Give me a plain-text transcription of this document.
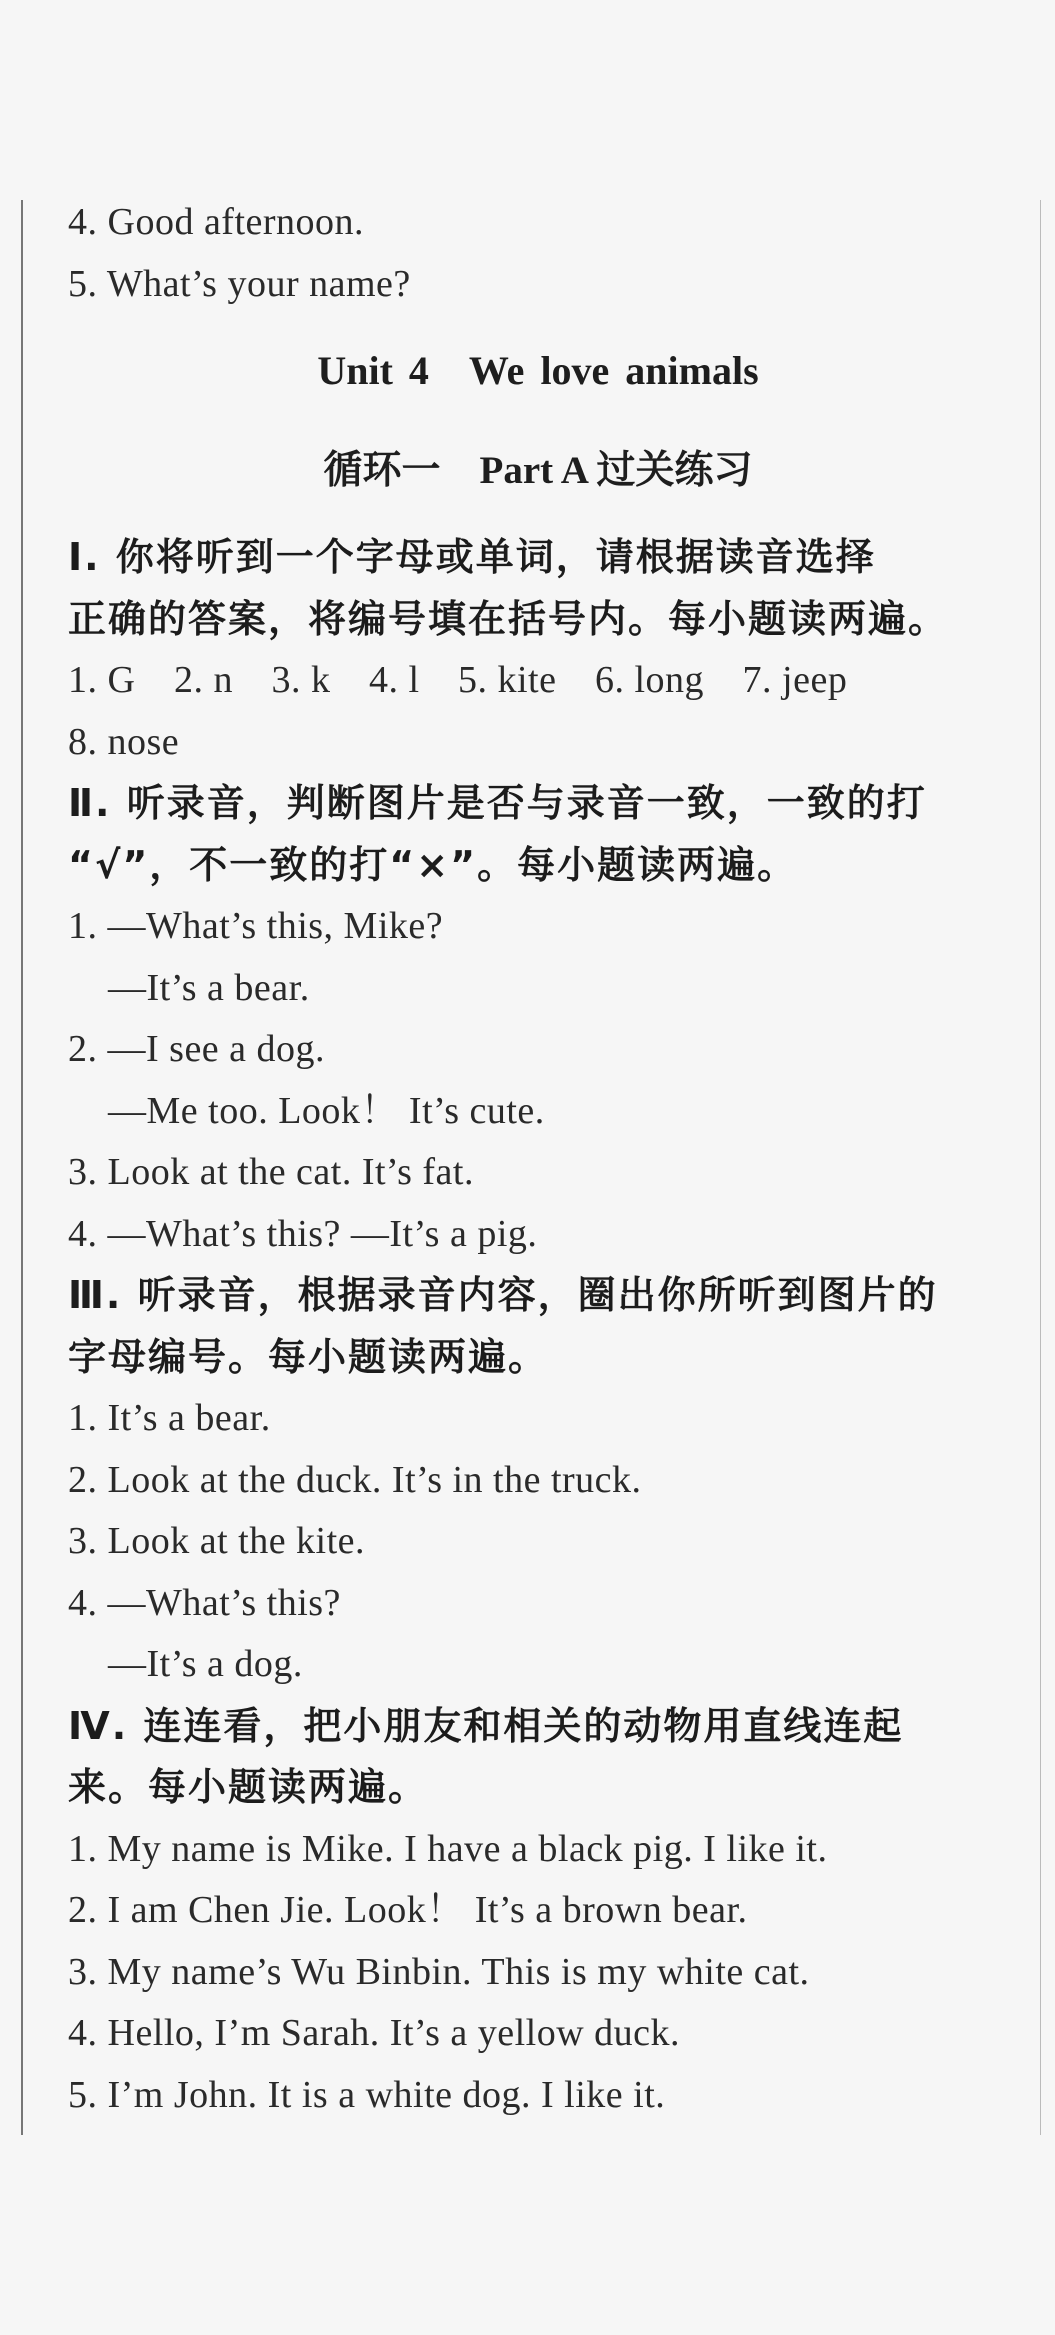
4. Good afternoon.
5. What’s your name?
Unit 4　We love animals
循环一　Part A 过关练习
Ⅰ. 你将听到一个字母或单词，请根据读音选择
正确的答案，将编号填在括号内。每小题读两遍。
1. G　2. n　3. k　4. l　5. kite　6. long　7. jeep
8. nose
Ⅱ. 听录音，判断图片是否与录音一致，一致的打
“√”，不一致的打“×”。每小题读两遍。
1. —What’s this, Mike?
—It’s a bear.
2. —I see a dog.
—Me too. Look！ It’s cute.
3. Look at the cat. It’s fat.
4. —What’s this? —It’s a pig.
Ⅲ. 听录音，根据录音内容，圈出你所听到图片的
字母编号。每小题读两遍。
1. It’s a bear.
2. Look at the duck. It’s in the truck.
3. Look at the kite.
4. —What’s this?
—It’s a dog.
Ⅳ. 连连看，把小朋友和相关的动物用直线连起
来。每小题读两遍。
1. My name is Mike. I have a black pig. I like it.
2. I am Chen Jie. Look！ It’s a brown bear.
3. My name’s Wu Binbin. This is my white cat.
4. Hello, I’m Sarah. It’s a yellow duck.
5. I’m John. It is a white dog. I like it.
